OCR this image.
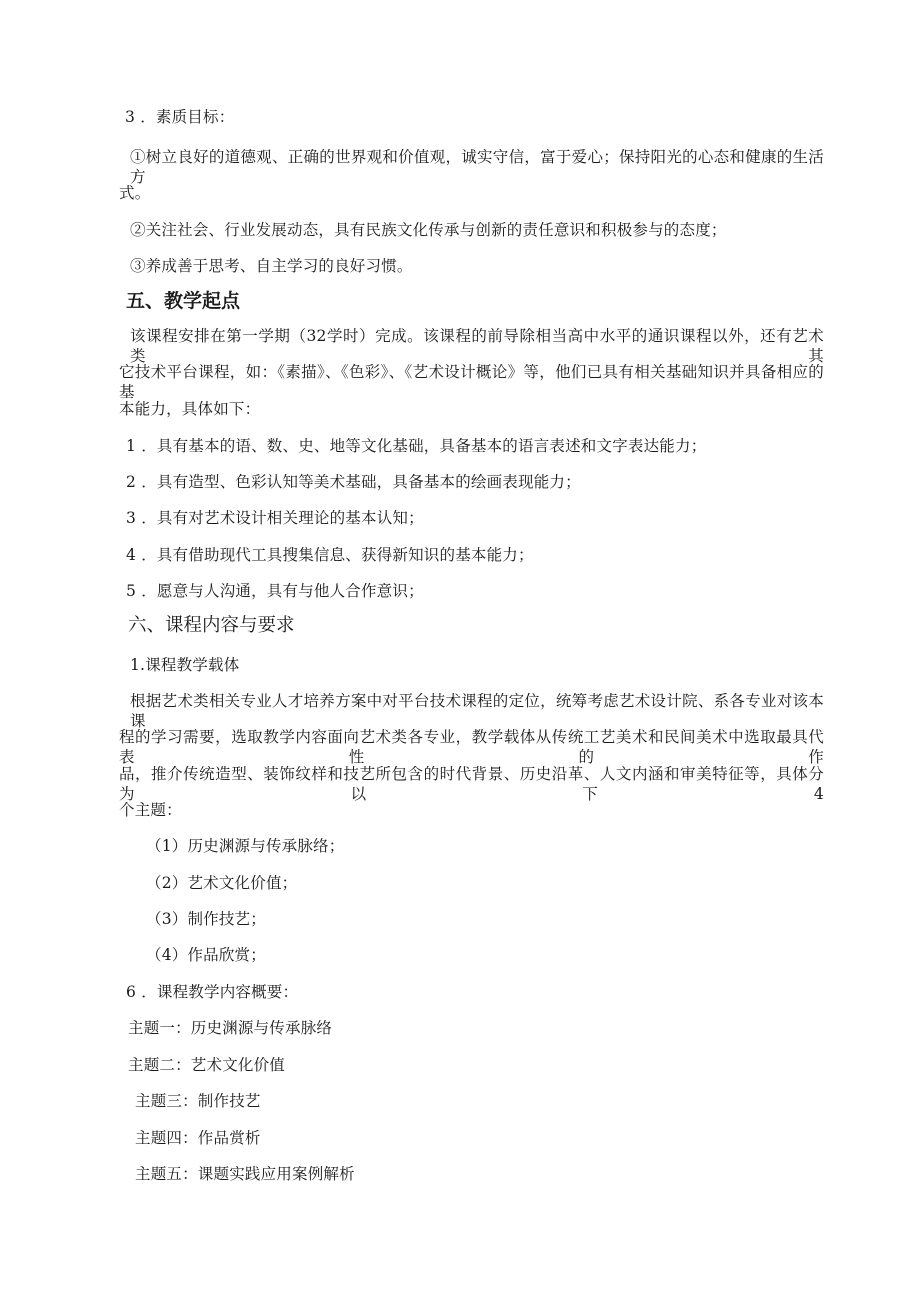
3 ．素质目标：
①树立良好的道德观、正确的世界观和价值观，诚实守信，富于爱心；保持阳光的心态和健康的生活方
式。
②关注社会、行业发展动态，具有民族文化传承与创新的责任意识和积极参与的态度；
③养成善于思考、自主学习的良好习惯。
五、教学起点
该课程安排在第一学期（32学时）完成。该课程的前导除相当高中水平的通识课程以外，还有艺术类其
它技术平台课程，如：《素描》、《色彩》、《艺术设计概论》等，他们已具有相关基础知识并具备相应的基
本能力，具体如下：
1 ．具有基本的语、数、史、地等文化基础，具备基本的语言表述和文字表达能力；
2 ．具有造型、色彩认知等美术基础，具备基本的绘画表现能力；
3 ．具有对艺术设计相关理论的基本认知；
4 ．具有借助现代工具搜集信息、获得新知识的基本能力；
5 ．愿意与人沟通，具有与他人合作意识；
六、课程内容与要求
1.课程教学载体
根据艺术类相关专业人才培养方案中对平台技术课程的定位，统筹考虑艺术设计院、系各专业对该本课
程的学习需要，选取教学内容面向艺术类各专业，教学载体从传统工艺美术和民间美术中选取最具代表性的作
品，推介传统造型、装饰纹样和技艺所包含的时代背景、历史沿革、人文内涵和审美特征等，具体分为以下4
个主题：
（1）历史渊源与传承脉络；
（2）艺术文化价值；
（3）制作技艺；
（4）作品欣赏；
6 ．课程教学内容概要：
主题一：历史渊源与传承脉络
主题二：艺术文化价值
主题三：制作技艺
主题四：作品赏析
主题五：课题实践应用案例解析
